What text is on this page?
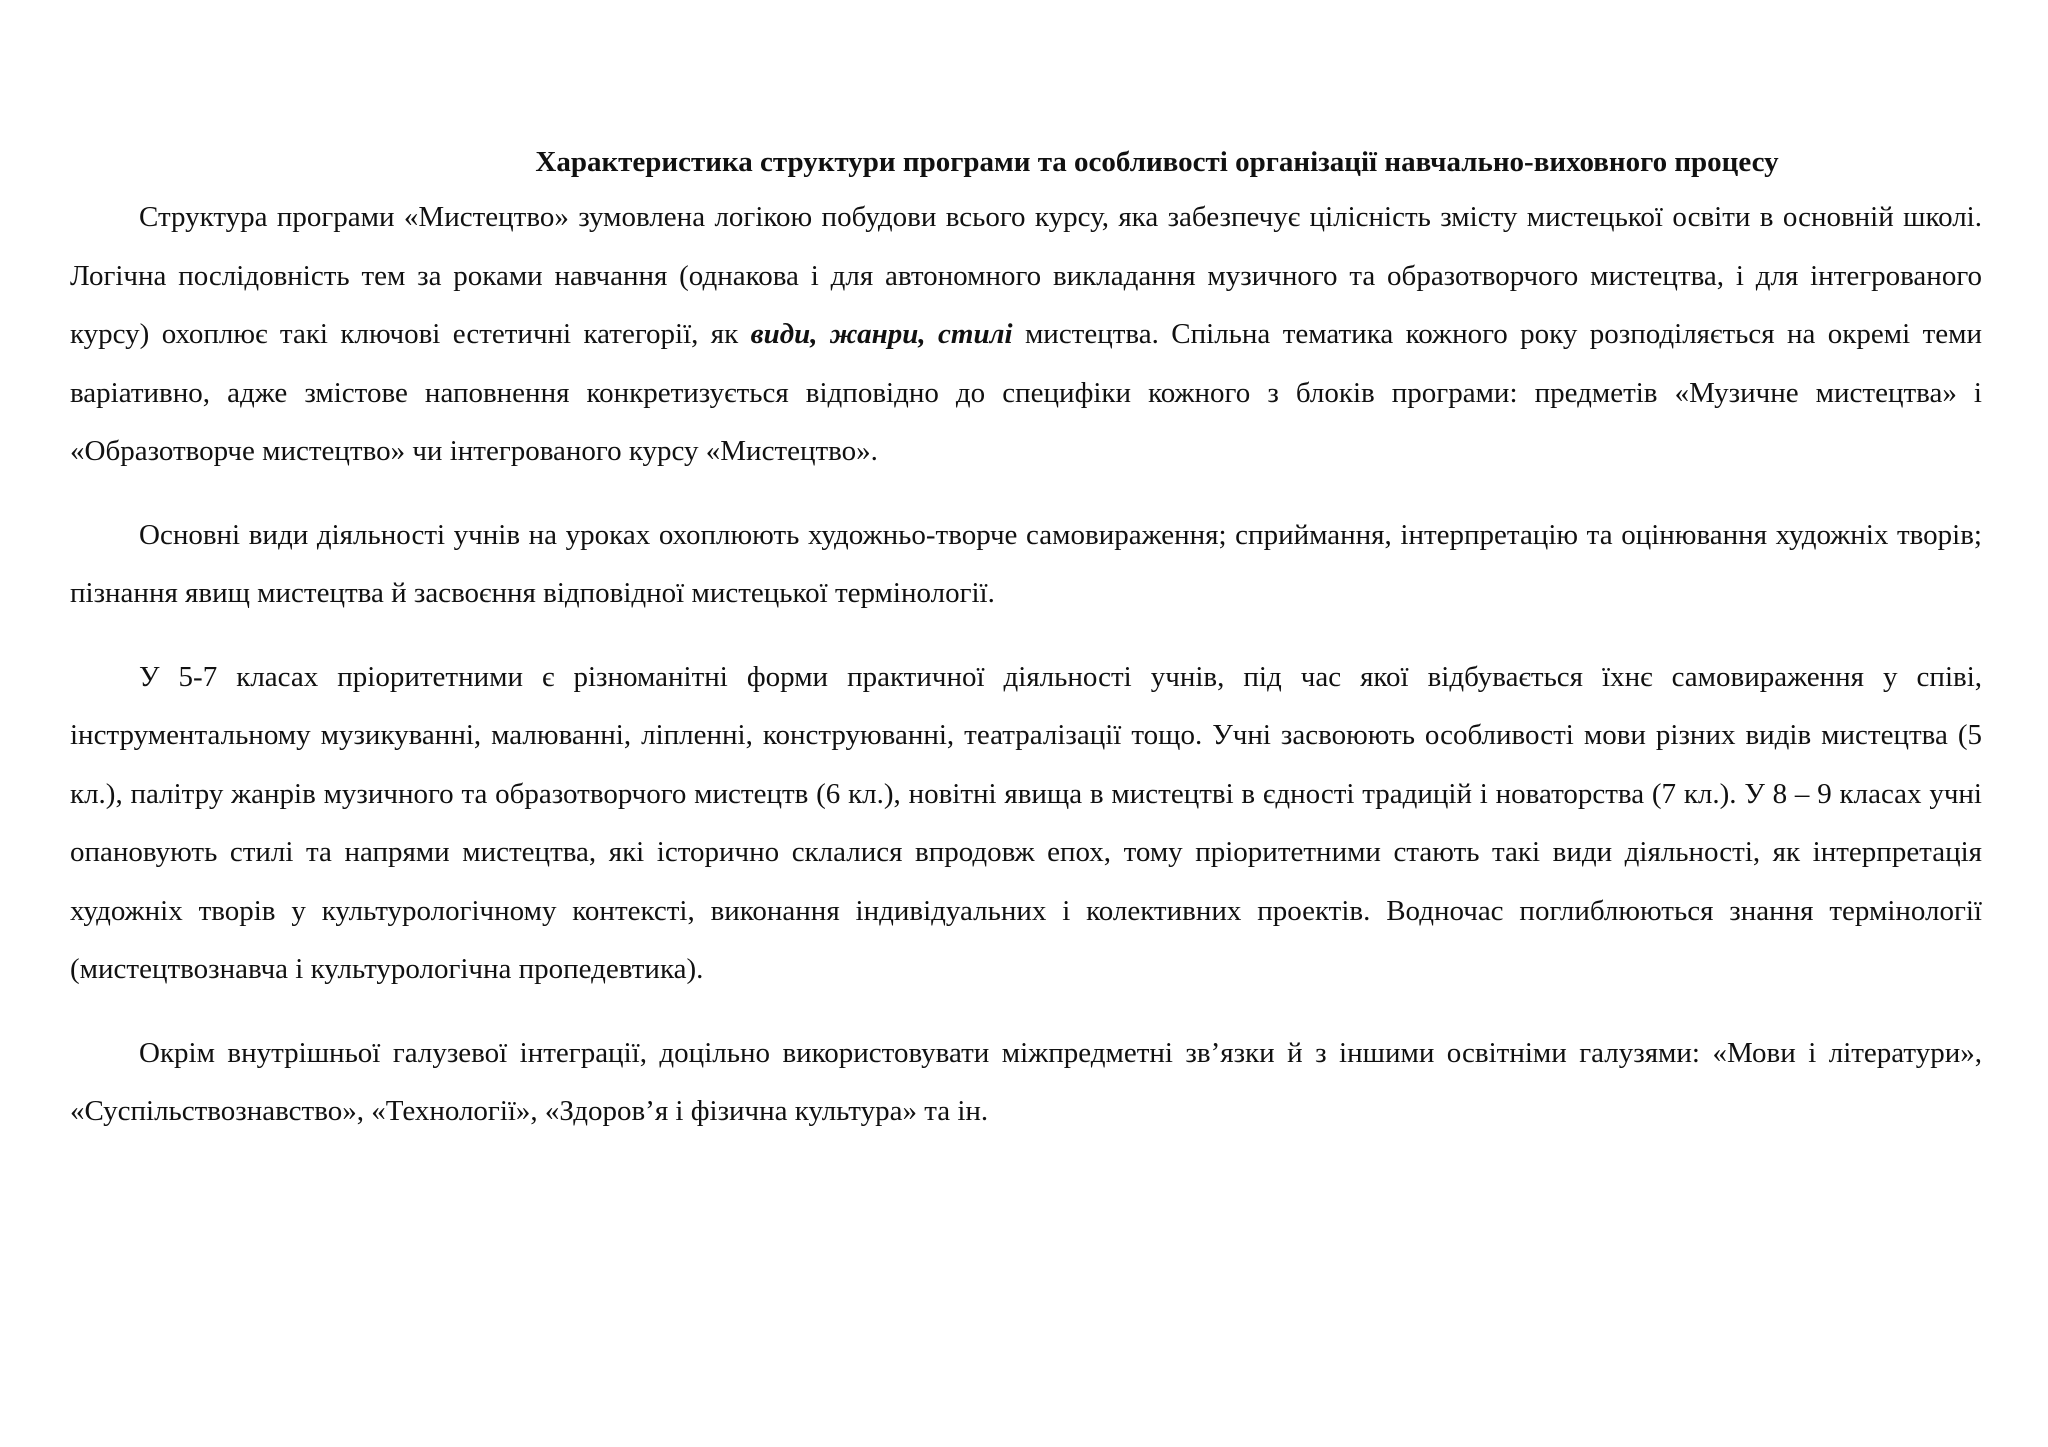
Характеристика структури програми та особливості організації навчально-виховного процесу

Структура програми «Мистецтво» зумовлена логікою побудови всього курсу, яка забезпечує цілісність змісту мистецької освіти в основній школі. Логічна послідовність тем за роками навчання (однакова і для автономного викладання музичного та образотворчого мистецтва, і для інтегрованого курсу) охоплює такі ключові естетичні категорії, як види, жанри, стилі мистецтва. Спільна тематика кожного року розподіляється на окремі теми варіативно, адже змістове наповнення конкретизується відповідно до специфіки кожного з блоків програми: предметів «Музичне мистецтва» і «Образотворче мистецтво» чи інтегрованого курсу «Мистецтво».

Основні види діяльності учнів на уроках охоплюють художньо-творче самовираження; сприймання, інтерпретацію та оцінювання художніх творів; пізнання явищ мистецтва й засвоєння відповідної мистецької термінології.

У 5-7 класах пріоритетними є різноманітні форми практичної діяльності учнів, під час якої відбувається їхнє самовираження у співі, інструментальному музикуванні, малюванні, ліпленні, конструюванні, театралізації тощо. Учні засвоюють особливості мови різних видів мистецтва (5 кл.), палітру жанрів музичного та образотворчого мистецтв (6 кл.), новітні явища в мистецтві в єдності традицій і новаторства (7 кл.). У 8 – 9 класах учні опановують стилі та напрями мистецтва, які історично склалися впродовж епох, тому пріоритетними стають такі види діяльності, як інтерпретація художніх творів у культурологічному контексті, виконання індивідуальних і колективних проектів. Водночас поглиблюються знання термінології (мистецтвознавча і культурологічна пропедевтика).

Окрім внутрішньої галузевої інтеграції, доцільно використовувати міжпредметні зв’язки й з іншими освітніми галузями: «Мови і літератури», «Суспільствознавство», «Технології», «Здоров’я і фізична культура» та ін.
